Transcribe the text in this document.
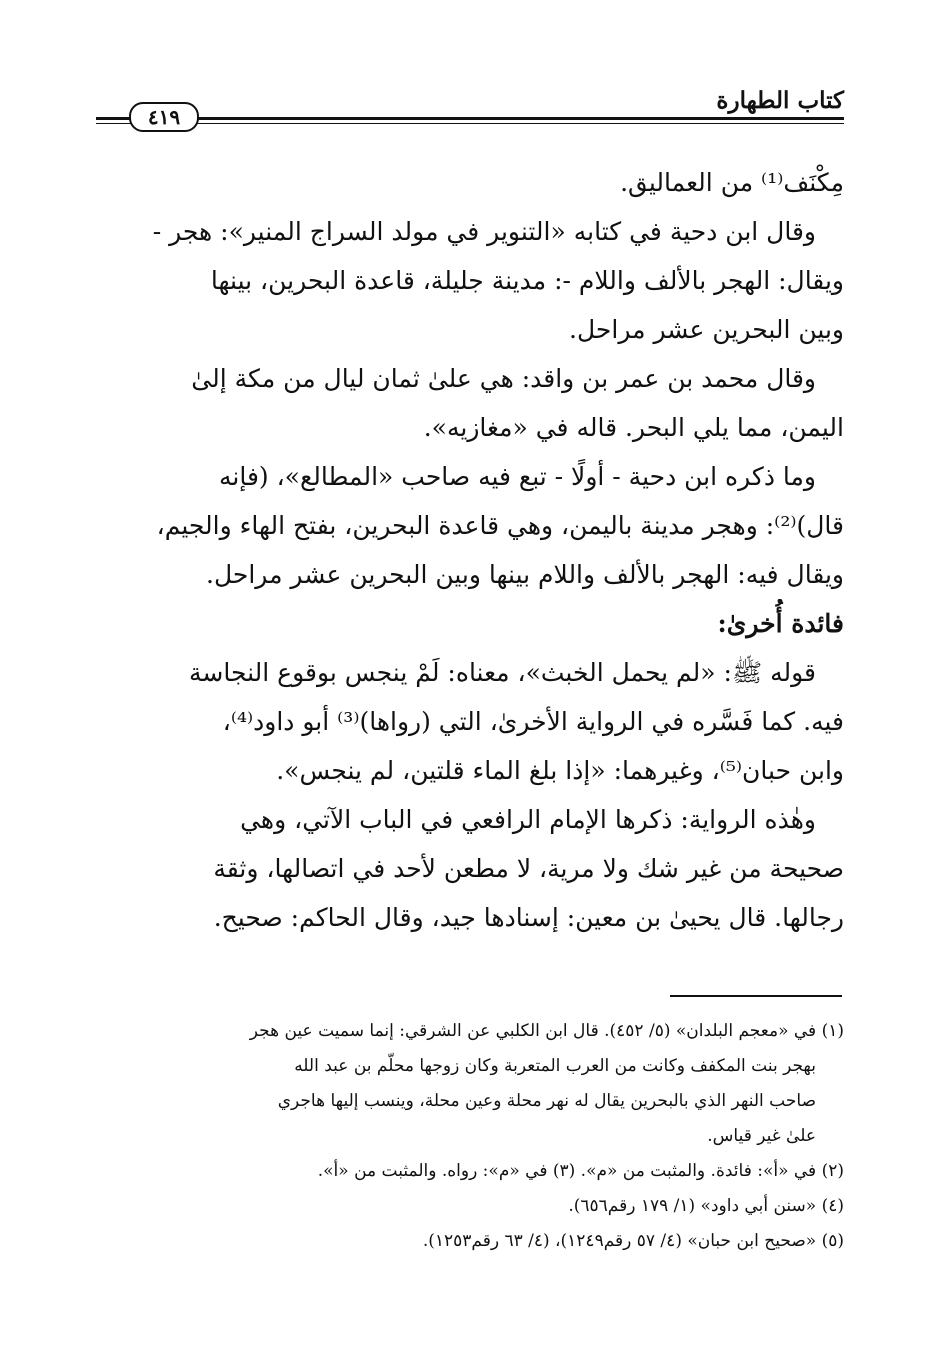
كتاب الطهارة
٤١٩
مِكْنَف⁽¹⁾ من العماليق.
وقال ابن دحية في كتابه «التنوير في مولد السراج المنير»: هجر -
ويقال: الهجر بالألف واللام -: مدينة جليلة، قاعدة البحرين، بينها
وبين البحرين عشر مراحل.
وقال محمد بن عمر بن واقد: هي علىٰ ثمان ليال من مكة إلىٰ
اليمن، مما يلي البحر. قاله في «مغازيه».
وما ذكره ابن دحية - أولًا - تبع فيه صاحب «المطالع»، (فإنه
قال)⁽²⁾: وهجر مدينة باليمن، وهي قاعدة البحرين، بفتح الهاء والجيم،
ويقال فيه: الهجر بالألف واللام بينها وبين البحرين عشر مراحل.
فائدة أُخرىٰ:
قوله ﷺ: «لم يحمل الخبث»، معناه: لَمْ ينجس بوقوع النجاسة
فيه. كما فَسَّره في الرواية الأخرىٰ، التي (رواها)⁽³⁾ أبو داود⁽⁴⁾،
وابن حبان⁽⁵⁾، وغيرهما: «إذا بلغ الماء قلتين، لم ينجس».
وهٰذه الرواية: ذكرها الإمام الرافعي في الباب الآتي، وهي
صحيحة من غير شك ولا مرية، لا مطعن لأحد في اتصالها، وثقة
رجالها. قال يحيىٰ بن معين: إسنادها جيد، وقال الحاكم: صحيح.
(١) في «معجم البلدان» (٥/ ٤٥٢). قال ابن الكلبي عن الشرقي: إنما سميت عين هجر
بهجر بنت المكفف وكانت من العرب المتعربة وكان زوجها محلّم بن عبد الله
صاحب النهر الذي بالبحرين يقال له نهر محلة وعين محلة، وينسب إليها هاجري
علىٰ غير قياس.
(٢) في «أ»: فائدة. والمثبت من «م». (٣) في «م»: رواه. والمثبت من «أ».
(٤) «سنن أبي داود» (١/ ١٧٩ رقم٦٥٦).
(٥) «صحيح ابن حبان» (٤/ ٥٧ رقم١٢٤٩)، (٤/ ٦٣ رقم١٢٥٣).
